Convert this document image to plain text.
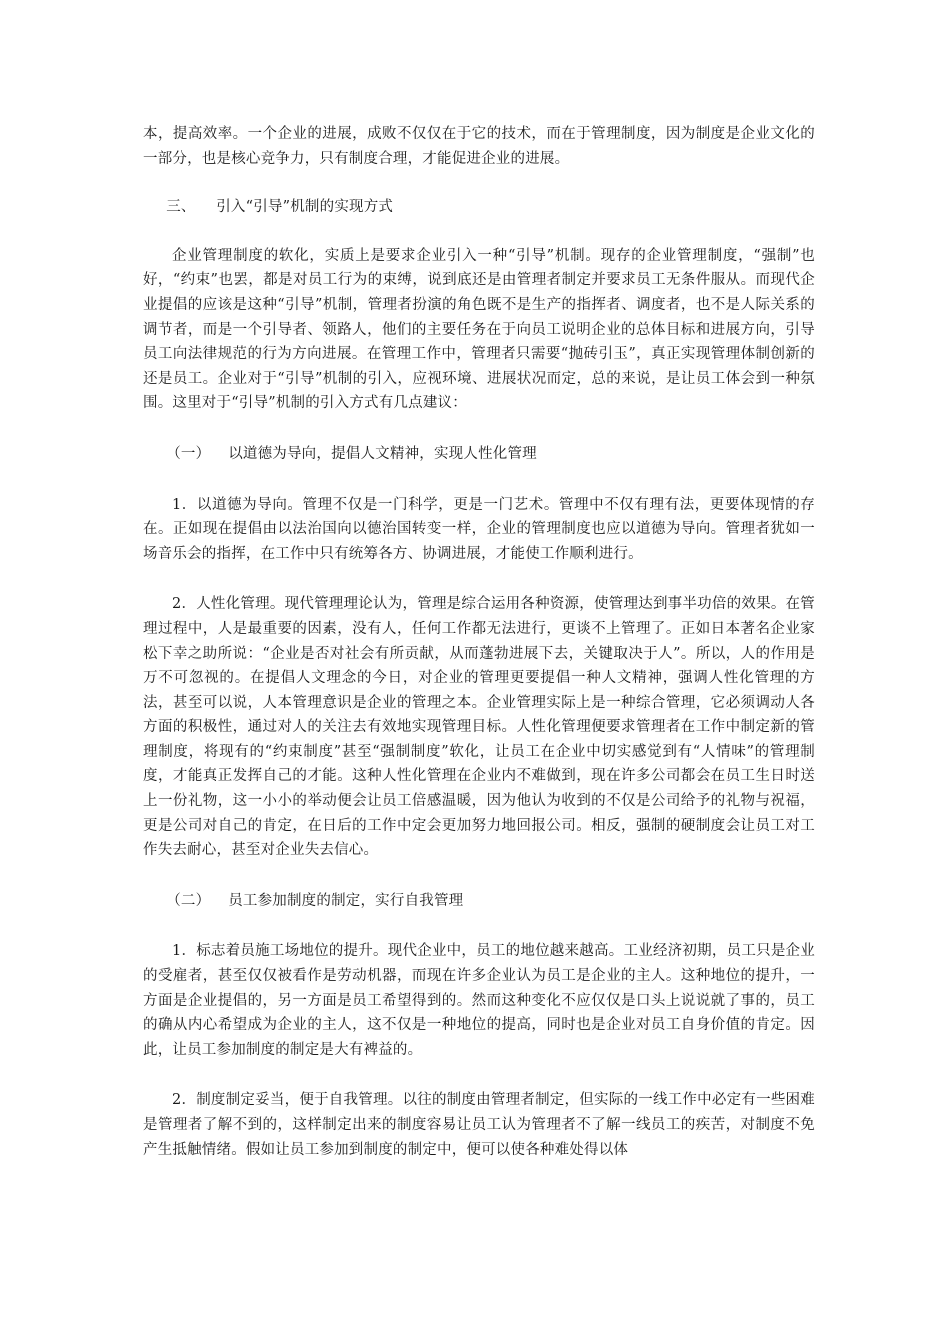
本，提高效率。一个企业的进展，成败不仅仅在于它的技术，而在于管理制度，因为制度是企业文化的一部分，也是核心竞争力，只有制度合理，才能促进企业的进展。

三、 引入“引导”机制的实现方式

企业管理制度的软化，实质上是要求企业引入一种“引导”机制。现存的企业管理制度，“强制”也好，“约束”也罢，都是对员工行为的束缚，说到底还是由管理者制定并要求员工无条件服从。而现代企业提倡的应该是这种“引导”机制，管理者扮演的角色既不是生产的指挥者、调度者，也不是人际关系的调节者，而是一个引导者、领路人，他们的主要任务在于向员工说明企业的总体目标和进展方向，引导员工向法律规范的行为方向进展。在管理工作中，管理者只需要“抛砖引玉”，真正实现管理体制创新的还是员工。企业对于“引导”机制的引入，应视环境、进展状况而定，总的来说，是让员工体会到一种氛围。这里对于“引导”机制的引入方式有几点建议：

（一） 以道德为导向，提倡人文精神，实现人性化管理

1．以道德为导向。管理不仅是一门科学，更是一门艺术。管理中不仅有理有法，更要体现情的存在。正如现在提倡由以法治国向以德治国转变一样，企业的管理制度也应以道德为导向。管理者犹如一场音乐会的指挥，在工作中只有统筹各方、协调进展，才能使工作顺利进行。

2．人性化管理。现代管理理论认为，管理是综合运用各种资源，使管理达到事半功倍的效果。在管理过程中，人是最重要的因素，没有人，任何工作都无法进行，更谈不上管理了。正如日本著名企业家松下幸之助所说：“企业是否对社会有所贡献，从而蓬勃进展下去，关键取决于人”。所以，人的作用是万不可忽视的。在提倡人文理念的今日，对企业的管理更要提倡一种人文精神，强调人性化管理的方法，甚至可以说，人本管理意识是企业的管理之本。企业管理实际上是一种综合管理，它必须调动人各方面的积极性，通过对人的关注去有效地实现管理目标。人性化管理便要求管理者在工作中制定新的管理制度，将现有的“约束制度”甚至“强制制度”软化，让员工在企业中切实感觉到有“人情味”的管理制度，才能真正发挥自己的才能。这种人性化管理在企业内不难做到，现在许多公司都会在员工生日时送上一份礼物，这一小小的举动便会让员工倍感温暖，因为他认为收到的不仅是公司给予的礼物与祝福，更是公司对自己的肯定，在日后的工作中定会更加努力地回报公司。相反，强制的硬制度会让员工对工作失去耐心，甚至对企业失去信心。

（二） 员工参加制度的制定，实行自我管理

1．标志着员施工场地位的提升。现代企业中，员工的地位越来越高。工业经济初期，员工只是企业的受雇者，甚至仅仅被看作是劳动机器，而现在许多企业认为员工是企业的主人。这种地位的提升，一方面是企业提倡的，另一方面是员工希望得到的。然而这种变化不应仅仅是口头上说说就了事的，员工的确从内心希望成为企业的主人，这不仅是一种地位的提高，同时也是企业对员工自身价值的肯定。因此，让员工参加制度的制定是大有裨益的。

2．制度制定妥当，便于自我管理。以往的制度由管理者制定，但实际的一线工作中必定有一些困难是管理者了解不到的，这样制定出来的制度容易让员工认为管理者不了解一线员工的疾苦，对制度不免产生抵触情绪。假如让员工参加到制度的制定中，便可以使各种难处得以体
